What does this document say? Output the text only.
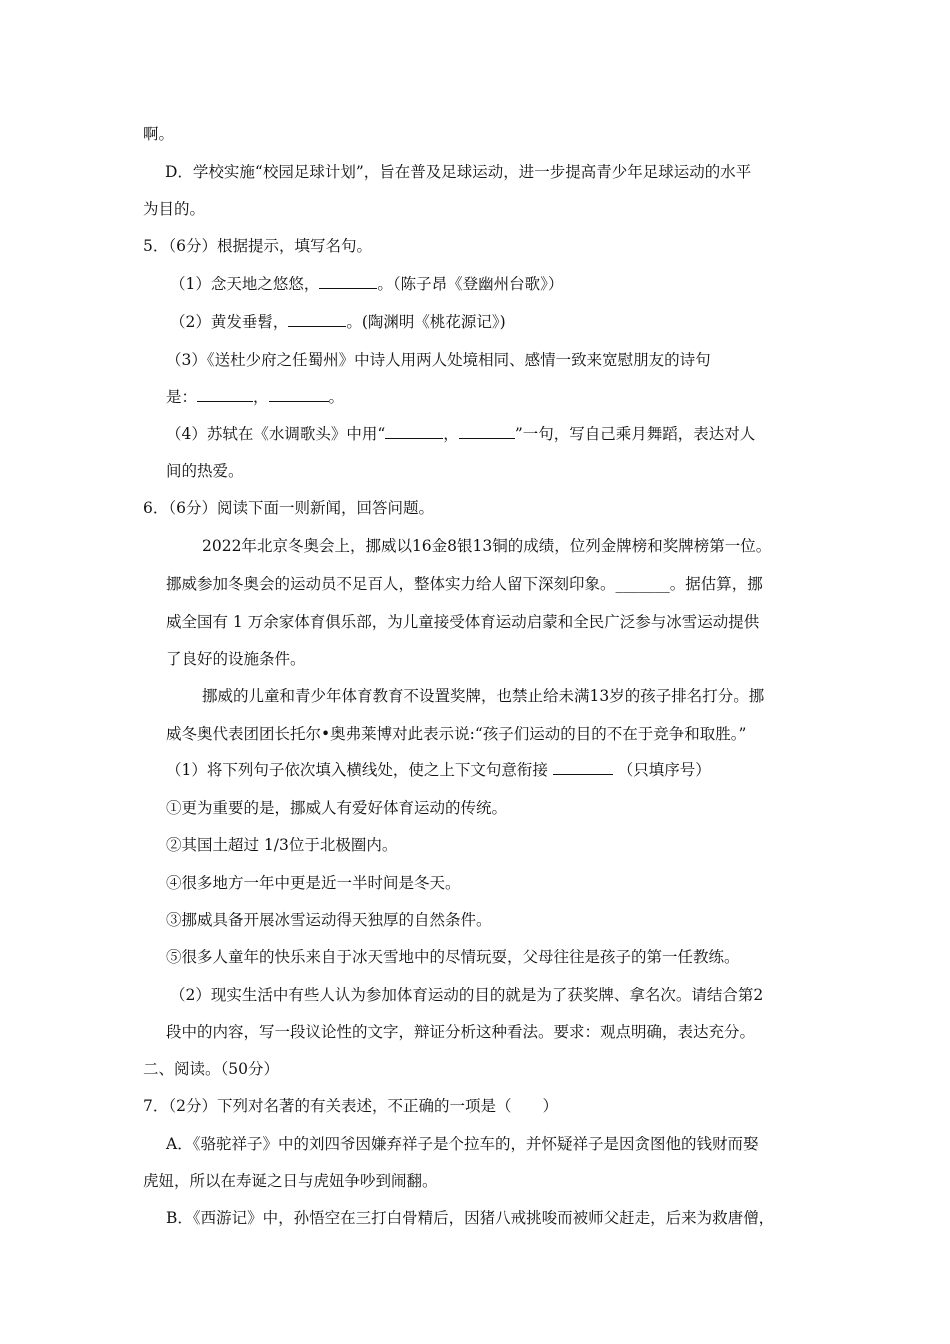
啊。
D．学校实施“校园足球计划”，旨在普及足球运动，进一步提高青少年足球运动的水平
为目的。
5．（6分）根据提示，填写名句。
（1）念天地之悠悠，	。（陈子昂《登幽州台歌》）
（2）黄发垂髫，	。(陶渊明《桃花源记》)
（3）《送杜少府之任蜀州》中诗人用两人处境相同、感情一致来宽慰朋友的诗句
是：	，	。
（4）苏轼在《水调歌头》中用“	，	”一句，写自己乘月舞蹈，表达对人
间的热爱。
6．（6分）阅读下面一则新闻，回答问题。
2022年北京冬奥会上，挪威以16金8银13铜的成绩，位列金牌榜和奖牌榜第一位。
挪威参加冬奥会的运动员不足百人，整体实力给人留下深刻印象。_______。据估算，挪
威全国有 1 万余家体育俱乐部，为儿童接受体育运动启蒙和全民广泛参与冰雪运动提供
了良好的设施条件。
挪威的儿童和青少年体育教育不设置奖牌，也禁止给未满13岁的孩子排名打分。挪
威冬奥代表团团长托尔•奥弗莱博对此表示说:“孩子们运动的目的不在于竞争和取胜。”
（1）将下列句子依次填入横线处，使之上下文句意衔接	（只填序号）
①更为重要的是，挪威人有爱好体育运动的传统。
②其国土超过 1/3位于北极圈内。
④很多地方一年中更是近一半时间是冬天。
③挪威具备开展冰雪运动得天独厚的自然条件。
⑤很多人童年的快乐来自于冰天雪地中的尽情玩耍，父母往往是孩子的第一任教练。
（2）现实生活中有些人认为参加体育运动的目的就是为了获奖牌、拿名次。请结合第2
段中的内容，写一段议论性的文字，辩证分析这种看法。要求：观点明确，表达充分。
二、阅读。（50分）
7．（2分）下列对名著的有关表述，不正确的一项是（　　）
A．《骆驼祥子》中的刘四爷因嫌弃祥子是个拉车的，并怀疑祥子是因贪图他的钱财而娶
虎妞，所以在寿诞之日与虎妞争吵到闹翻。
B．《西游记》中，孙悟空在三打白骨精后，因猪八戒挑唆而被师父赶走，后来为救唐僧，
